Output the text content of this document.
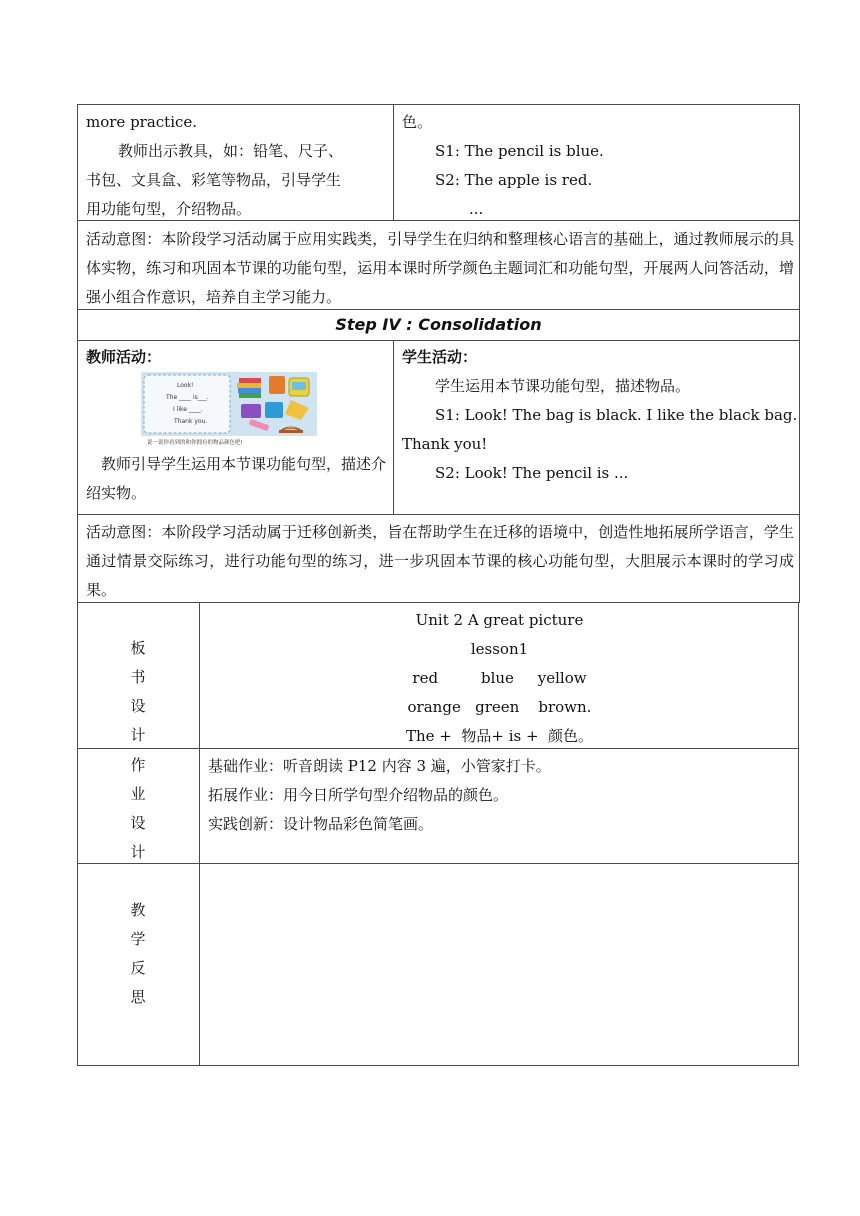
more practice.
教师出示教具，如：铅笔、尺子、
书包、文具盒、彩笔等物品，引导学生
用功能句型，介绍物品。
色。
S1: The pencil is blue.
S2: The apple is red.
...
活动意图：本阶段学习活动属于应用实践类，引导学生在归纳和整理核心语言的基础上，通过教师展示的具体实物，练习和巩固本节课的功能句型，运用本课时所学颜色主题词汇和功能句型，开展两人问答活动，增强小组合作意识，培养自主学习能力。
Step IV : Consolidation
教师活动：
Look!
The ____ is___.
I like ____.
Thank you.
说一说你看到的和你拥有的物品颜色吧!
教师引导学生运用本节课功能句型，描述介绍实物。
学生活动：
学生运用本节课功能句型，描述物品。
S1: Look! The bag is black. I like the black bag.
Thank you!
S2: Look! The pencil is ...
活动意图：本阶段学习活动属于迁移创新类，旨在帮助学生在迁移的语境中，创造性地拓展所学语言，学生通过情景交际练习，进行功能句型的练习，进一步巩固本节课的核心功能句型，大胆展示本课时的学习成果。
板
书
设
计
Unit 2 A great picture
lesson1
red         blue     yellow
orange   green    brown.
The +  物品+ is +  颜色。
作
业
设
计
基础作业：听音朗读 P12 内容 3 遍，小管家打卡。
拓展作业：用今日所学句型介绍物品的颜色。
实践创新：设计物品彩色简笔画。
教
学
反
思
